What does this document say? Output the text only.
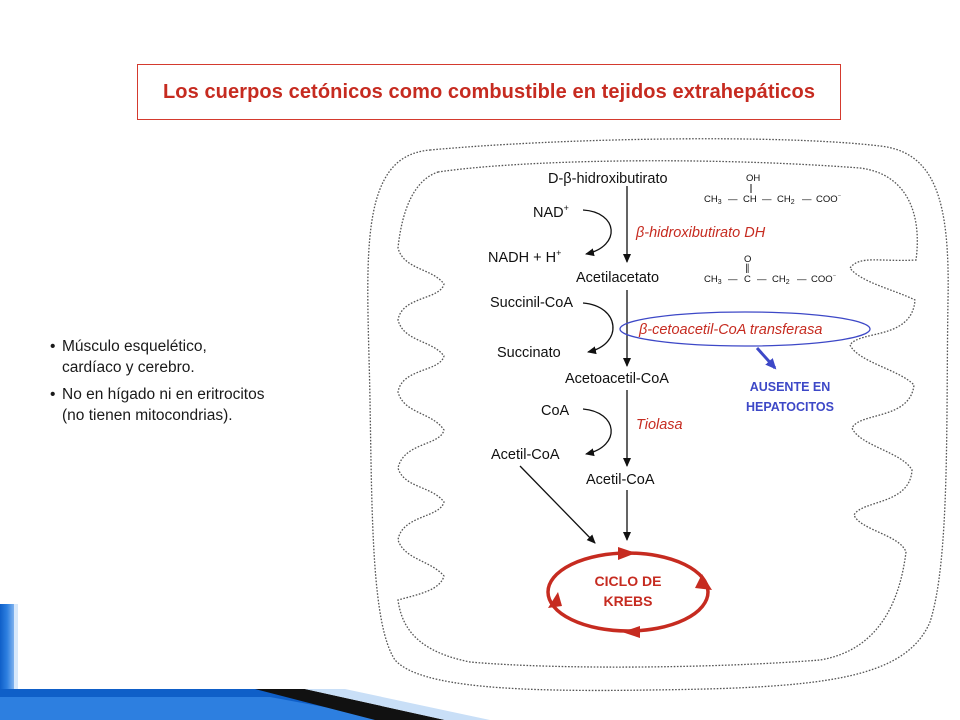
Los cuerpos cetónicos como combustible en tejidos extrahepáticos
• Músculo esquelético,
cardíaco y cerebro.
• No en hígado ni en eritrocitos
(no tienen mitocondrias).
D-β-hidroxibutirato
NAD+
NADH + H+
Acetilacetato
Succinil-CoA
Succinato
Acetoacetil-CoA
CoA
Acetil-CoA
Acetil-CoA
β-hidroxibutirato DH
β-cetoacetil-CoA transferasa
Tiolasa
AUSENTE EN
HEPATOCITOS
OH
$CH_3$ — CH — $CH_2$ — COO⁻
O
∥
$CH_3$ — C — $CH_2$ — COO⁻
CICLO DE
KREBS
